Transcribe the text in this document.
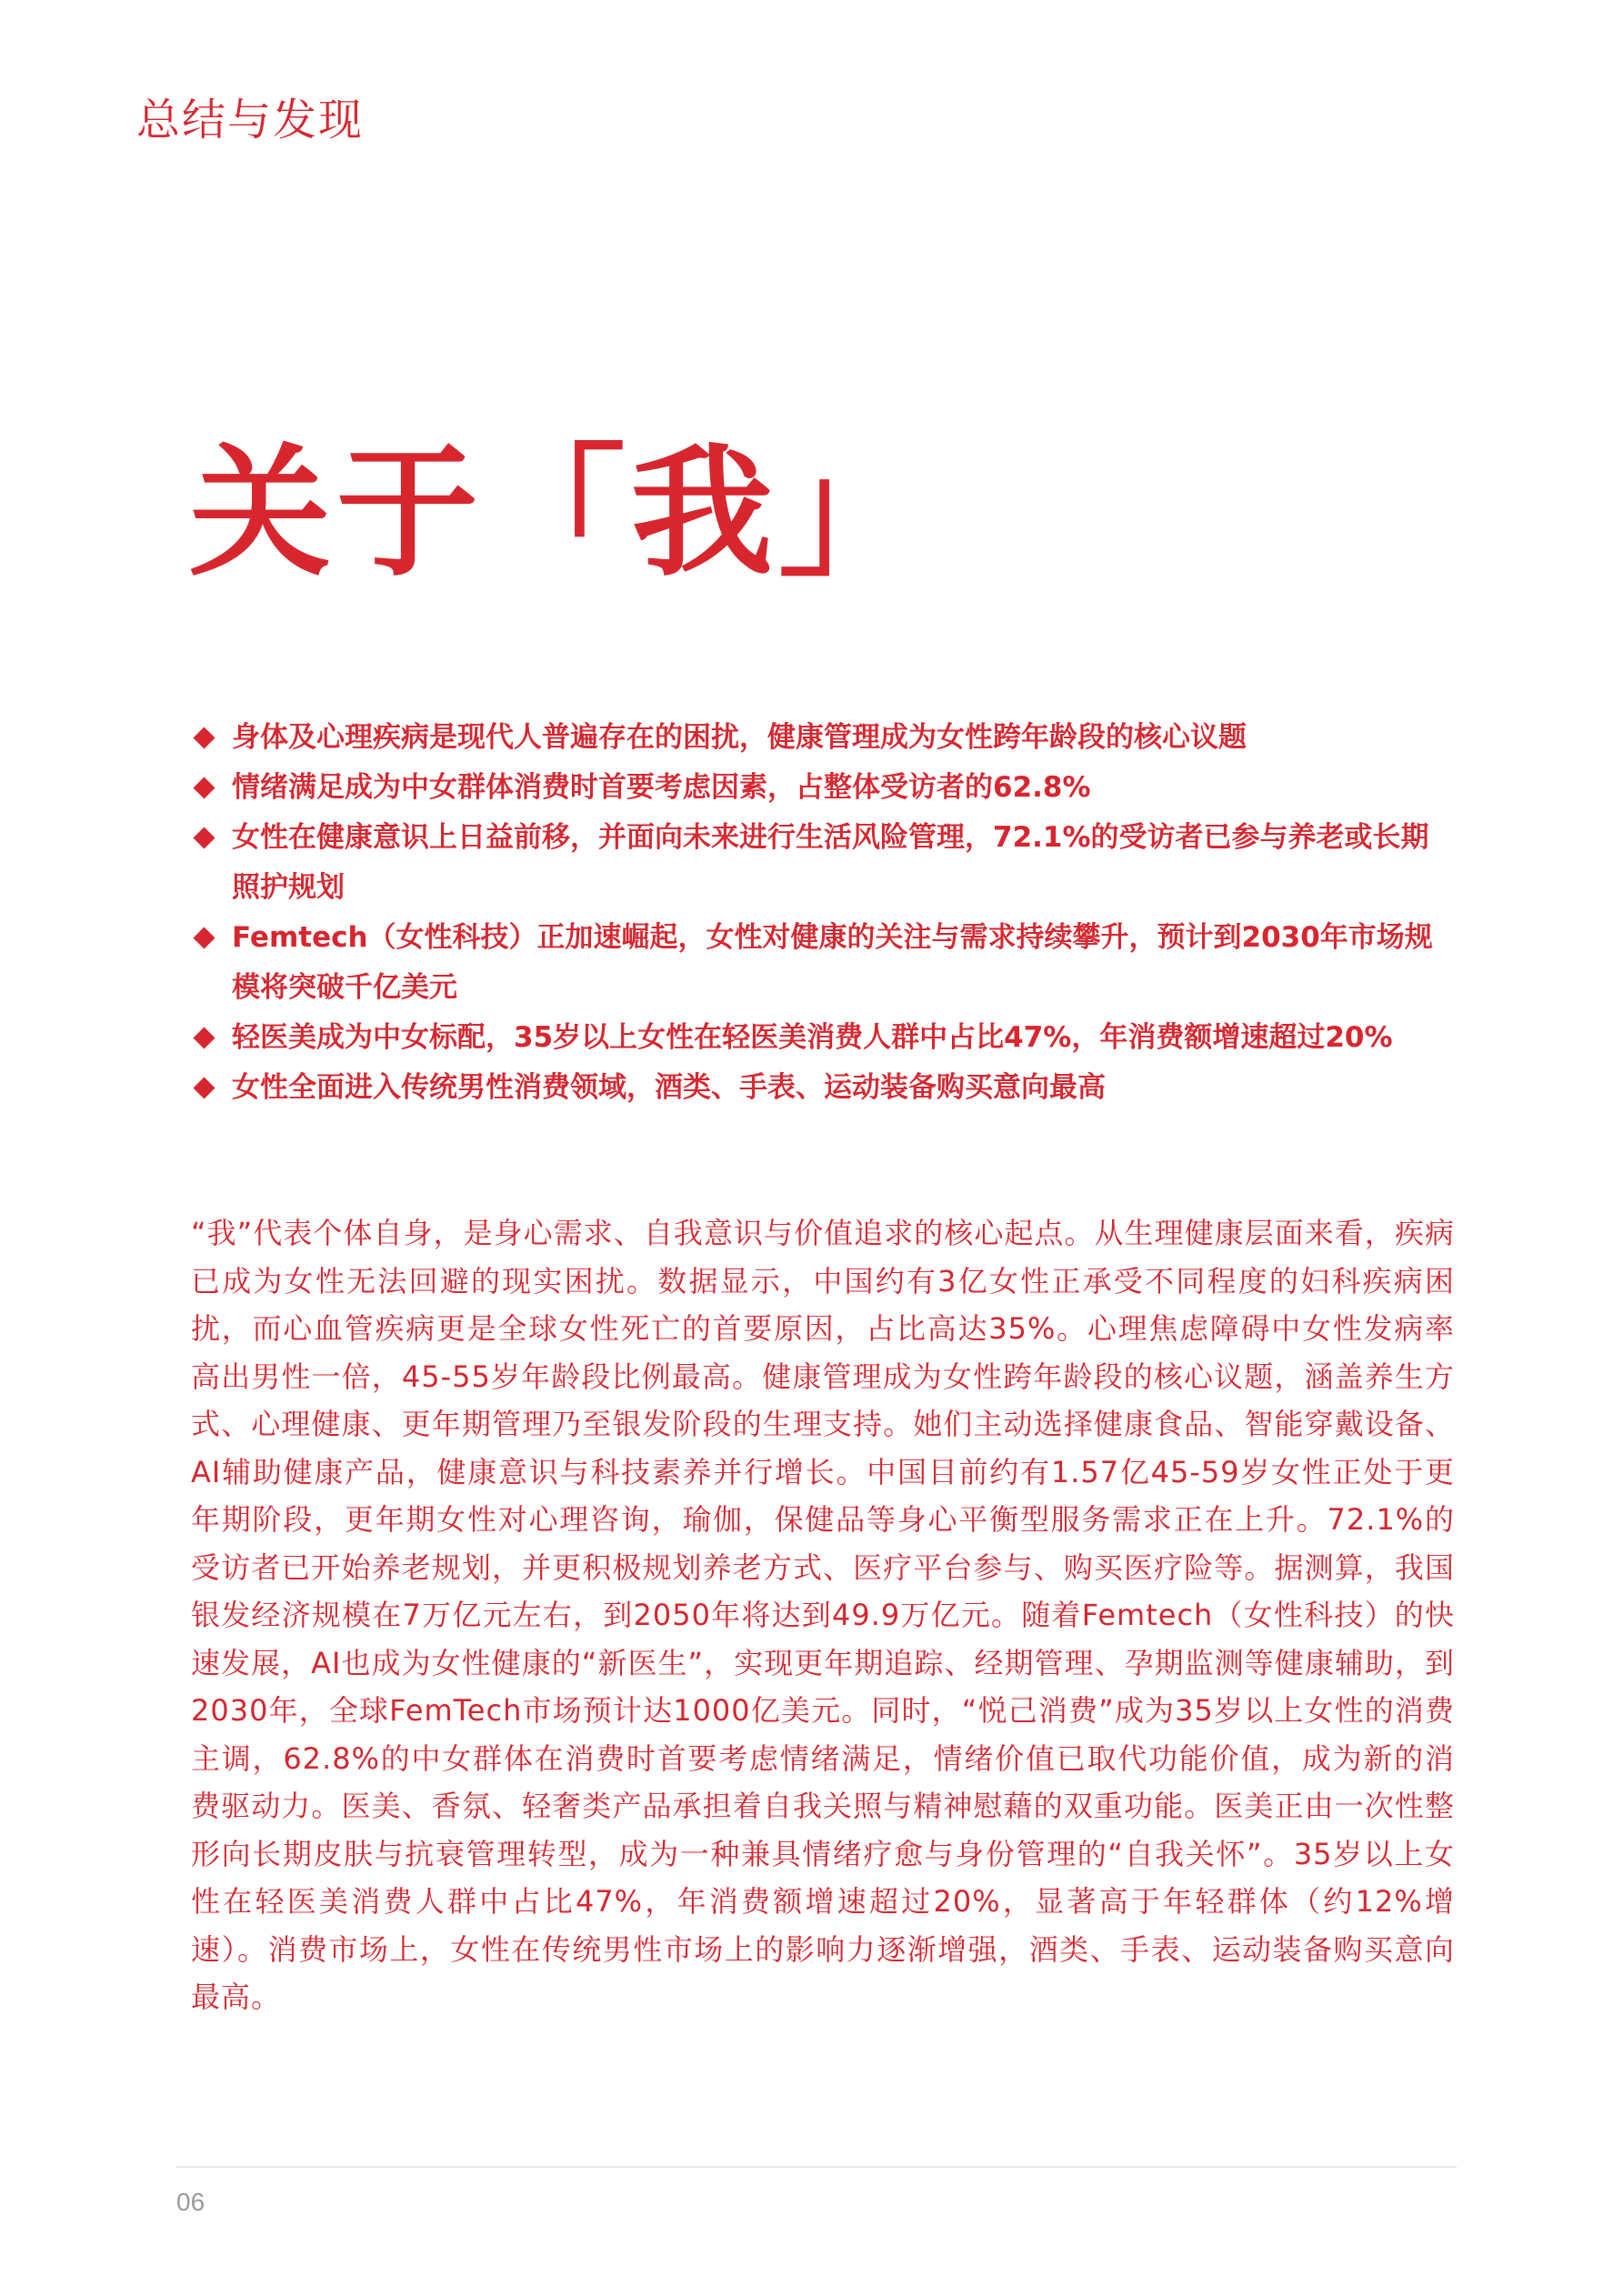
总结与发现
关于「我」
身体及心理疾病是现代人普遍存在的困扰，健康管理成为女性跨年龄段的核心议题
情绪满足成为中女群体消费时首要考虑因素，占整体受访者的62.8%
女性在健康意识上日益前移，并面向未来进行生活风险管理，72.1%的受访者已参与养老或长期照护规划
Femtech（女性科技）正加速崛起，女性对健康的关注与需求持续攀升，预计到2030年市场规模将突破千亿美元
轻医美成为中女标配，35岁以上女性在轻医美消费人群中占比47%，年消费额增速超过20%
女性全面进入传统男性消费领域，酒类、手表、运动装备购买意向最高

“我”代表个体自身，是身心需求、自我意识与价值追求的核心起点。从生理健康层面来看，疾病已成为女性无法回避的现实困扰。数据显示，中国约有3亿女性正承受不同程度的妇科疾病困扰，而心血管疾病更是全球女性死亡的首要原因，占比高达35%。心理焦虑障碍中女性发病率高出男性一倍，45-55岁年龄段比例最高。健康管理成为女性跨年龄段的核心议题，涵盖养生方式、心理健康、更年期管理乃至银发阶段的生理支持。她们主动选择健康食品、智能穿戴设备、AI辅助健康产品，健康意识与科技素养并行增长。中国目前约有1.57亿45-59岁女性正处于更年期阶段，更年期女性对心理咨询，瑜伽，保健品等身心平衡型服务需求正在上升。72.1%的受访者已开始养老规划，并更积极规划养老方式、医疗平台参与、购买医疗险等。据测算，我国银发经济规模在7万亿元左右，到2050年将达到49.9万亿元。随着Femtech（女性科技）的快速发展，AI也成为女性健康的“新医生”，实现更年期追踪、经期管理、孕期监测等健康辅助，到2030年，全球FemTech市场预计达1000亿美元。同时，“悦己消费”成为35岁以上女性的消费主调，62.8%的中女群体在消费时首要考虑情绪满足，情绪价值已取代功能价值，成为新的消费驱动力。医美、香氛、轻奢类产品承担着自我关照与精神慰藉的双重功能。医美正由一次性整形向长期皮肤与抗衰管理转型，成为一种兼具情绪疗愈与身份管理的“自我关怀”。35岁以上女性在轻医美消费人群中占比47%，年消费额增速超过20%，显著高于年轻群体（约12%增速）。消费市场上，女性在传统男性市场上的影响力逐渐增强，酒类、手表、运动装备购买意向最高。

06
